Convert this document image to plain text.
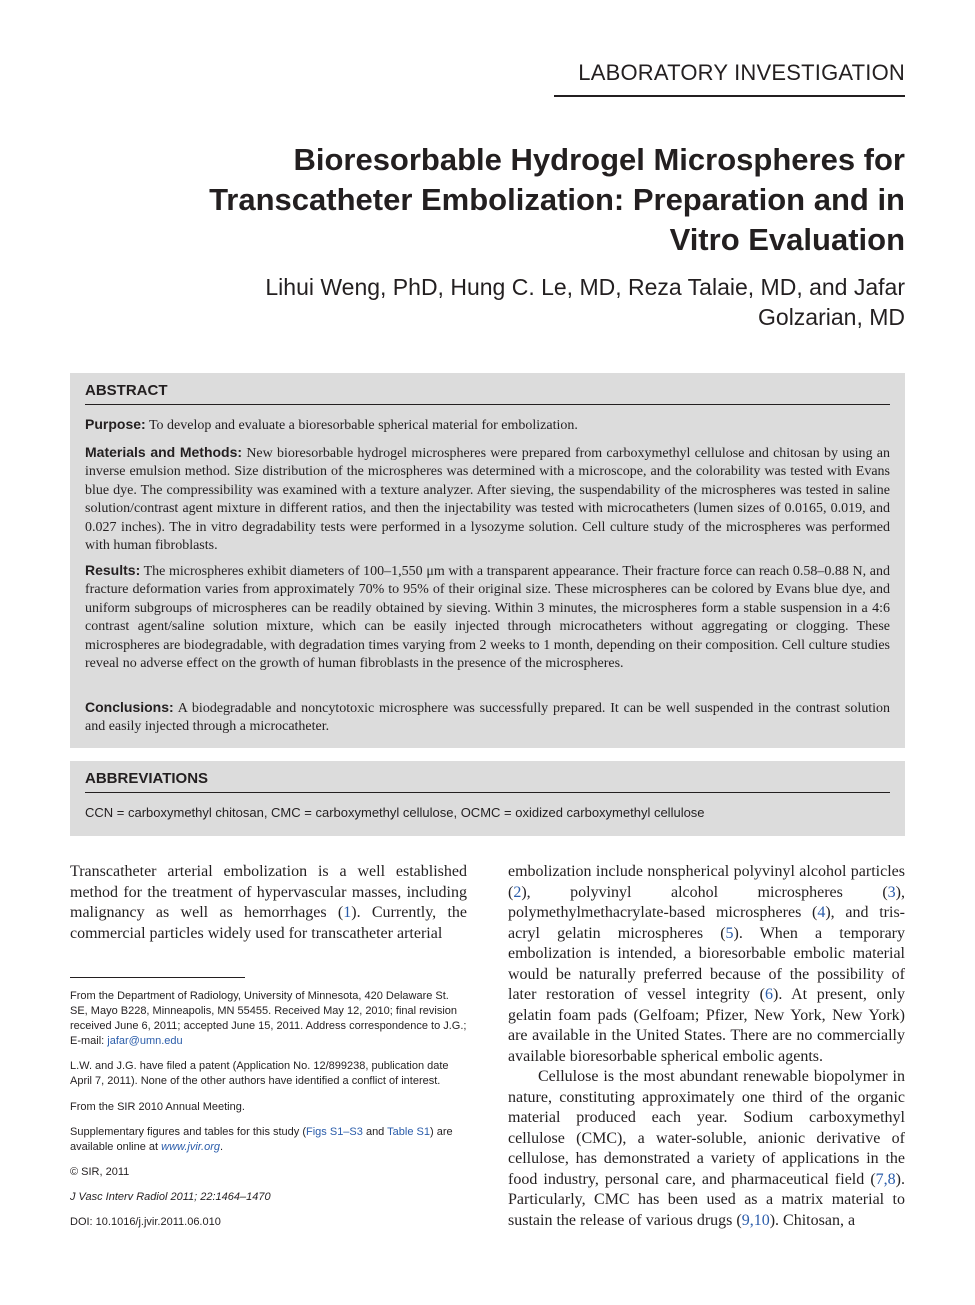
LABORATORY INVESTIGATION
Bioresorbable Hydrogel Microspheres for Transcatheter Embolization: Preparation and in Vitro Evaluation
Lihui Weng, PhD, Hung C. Le, MD, Reza Talaie, MD, and Jafar Golzarian, MD
ABSTRACT
Purpose: To develop and evaluate a bioresorbable spherical material for embolization.
Materials and Methods: New bioresorbable hydrogel microspheres were prepared from carboxymethyl cellulose and chitosan by using an inverse emulsion method. Size distribution of the microspheres was determined with a microscope, and the colorability was tested with Evans blue dye. The compressibility was examined with a texture analyzer. After sieving, the suspendability of the microspheres was tested in saline solution/contrast agent mixture in different ratios, and then the injectability was tested with microcatheters (lumen sizes of 0.0165, 0.019, and 0.027 inches). The in vitro degradability tests were performed in a lysozyme solution. Cell culture study of the microspheres was performed with human fibroblasts.
Results: The microspheres exhibit diameters of 100–1,550 μm with a transparent appearance. Their fracture force can reach 0.58–0.88 N, and fracture deformation varies from approximately 70% to 95% of their original size. These microspheres can be colored by Evans blue dye, and uniform subgroups of microspheres can be readily obtained by sieving. Within 3 minutes, the microspheres form a stable suspension in a 4:6 contrast agent/saline solution mixture, which can be easily injected through microcatheters without aggregating or clogging. These microspheres are biodegradable, with degradation times varying from 2 weeks to 1 month, depending on their composition. Cell culture studies reveal no adverse effect on the growth of human fibroblasts in the presence of the microspheres.
Conclusions: A biodegradable and noncytotoxic microsphere was successfully prepared. It can be well suspended in the contrast solution and easily injected through a microcatheter.
ABBREVIATIONS
CCN = carboxymethyl chitosan, CMC = carboxymethyl cellulose, OCMC = oxidized carboxymethyl cellulose

Transcatheter arterial embolization is a well established method for the treatment of hypervascular masses, including malignancy as well as hemorrhages (1). Currently, the commercial particles widely used for transcatheter arterial

From the Department of Radiology, University of Minnesota, 420 Delaware St. SE, Mayo B228, Minneapolis, MN 55455. Received May 12, 2010; final revision received June 6, 2011; accepted June 15, 2011. Address correspondence to J.G.; E-mail: jafar@umn.edu
L.W. and J.G. have filed a patent (Application No. 12/899238, publication date April 7, 2011). None of the other authors have identified a conflict of interest.
From the SIR 2010 Annual Meeting.
Supplementary figures and tables for this study (Figs S1–S3 and Table S1) are available online at www.jvir.org.
© SIR, 2011
J Vasc Interv Radiol 2011; 22:1464–1470
DOI: 10.1016/j.jvir.2011.06.010

embolization include nonspherical polyvinyl alcohol particles (2), polyvinyl alcohol microspheres (3), polymethylmethacrylate-based microspheres (4), and tris-acryl gelatin microspheres (5). When a temporary embolization is intended, a bioresorbable embolic material would be naturally preferred because of the possibility of later restoration of vessel integrity (6). At present, only gelatin foam pads (Gelfoam; Pfizer, New York, New York) are available in the United States. There are no commercially available bioresorbable spherical embolic agents.

Cellulose is the most abundant renewable biopolymer in nature, constituting approximately one third of the organic material produced each year. Sodium carboxymethyl cellulose (CMC), a water-soluble, anionic derivative of cellulose, has demonstrated a variety of applications in the food industry, personal care, and pharmaceutical field (7,8). Particularly, CMC has been used as a matrix material to sustain the release of various drugs (9,10). Chitosan, a
